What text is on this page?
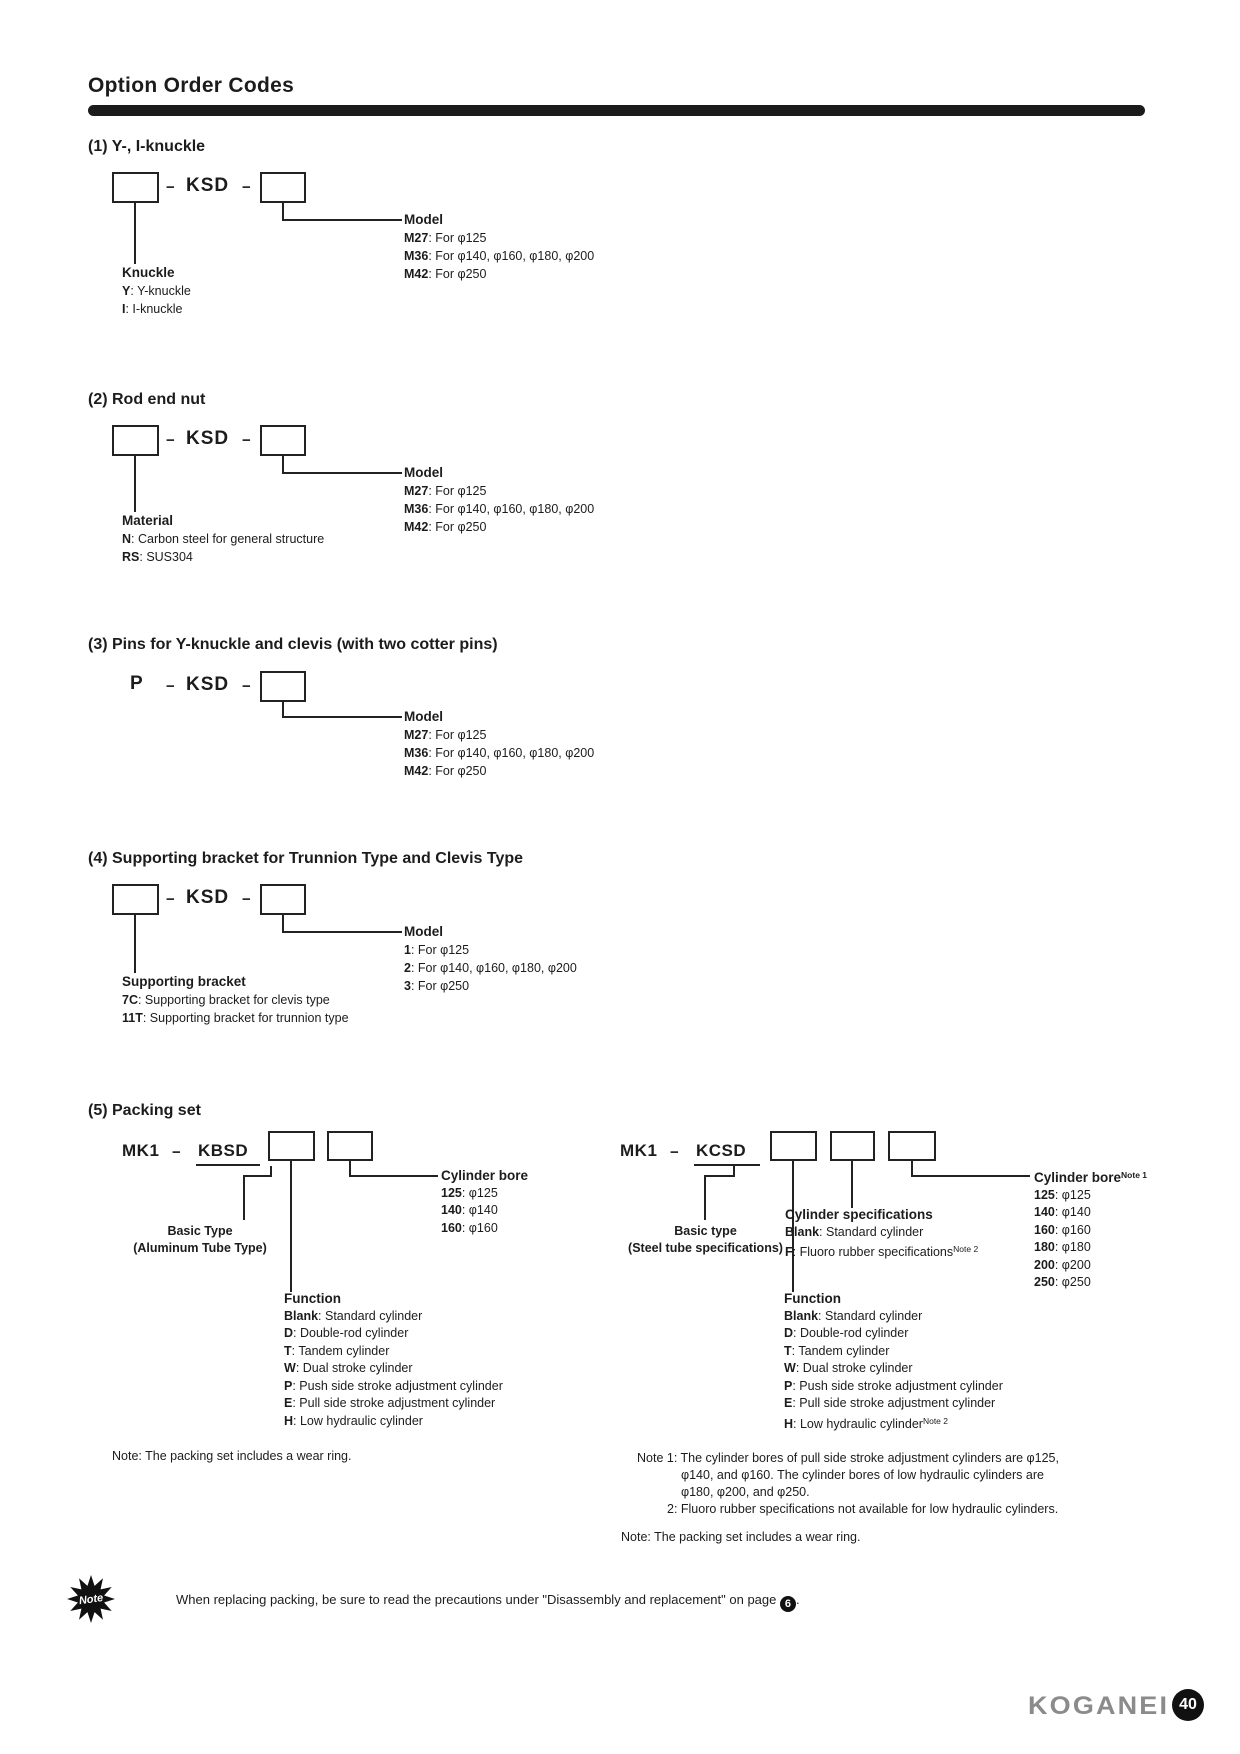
Option Order Codes
(1) Y-, I-knuckle
− KSD −
Knuckle
Y: Y-knuckle
I: I-knuckle
Model
M27: For φ125
M36: For φ140, φ160, φ180, φ200
M42: For φ250
(2) Rod end nut
− KSD −
Material
N: Carbon steel for general structure
RS: SUS304
Model
M27: For φ125
M36: For φ140, φ160, φ180, φ200
M42: For φ250
(3) Pins for Y-knuckle and clevis (with two cotter pins)
P − KSD −
Model
M27: For φ125
M36: For φ140, φ160, φ180, φ200
M42: For φ250
(4) Supporting bracket for Trunnion Type and Clevis Type
− KSD −
Supporting bracket
7C: Supporting bracket for clevis type
11T: Supporting bracket for trunnion type
Model
1: For φ125
2: For φ140, φ160, φ180, φ200
3: For φ250
(5) Packing set
MK1 − KBSD
Basic Type
(Aluminum Tube Type)
Function
Blank: Standard cylinder
D: Double-rod cylinder
T: Tandem cylinder
W: Dual stroke cylinder
P: Push side stroke adjustment cylinder
E: Pull side stroke adjustment cylinder
H: Low hydraulic cylinder
Cylinder bore
125: φ125
140: φ140
160: φ160
Note: The packing set includes a wear ring.
MK1 − KCSD
Basic type
(Steel tube specifications)
Function
Blank: Standard cylinder
D: Double-rod cylinder
T: Tandem cylinder
W: Dual stroke cylinder
P: Push side stroke adjustment cylinder
E: Pull side stroke adjustment cylinder
H: Low hydraulic cylinder$^{Note 2}$
Cylinder specifications
Blank: Standard cylinder
F: Fluoro rubber specifications$^{Note 2}$
Cylinder bore$^{Note 1}$
125: φ125
140: φ140
160: φ160
180: φ180
200: φ200
250: φ250
Note 1: The cylinder bores of pull side stroke adjustment cylinders are φ125,
φ140, and φ160. The cylinder bores of low hydraulic cylinders are
φ180, φ200, and φ250.
2: Fluoro rubber specifications not available for low hydraulic cylinders.
Note: The packing set includes a wear ring.
Note	When replacing packing, be sure to read the precautions under "Disassembly and replacement" on page 6 .
KOGANEI 40
